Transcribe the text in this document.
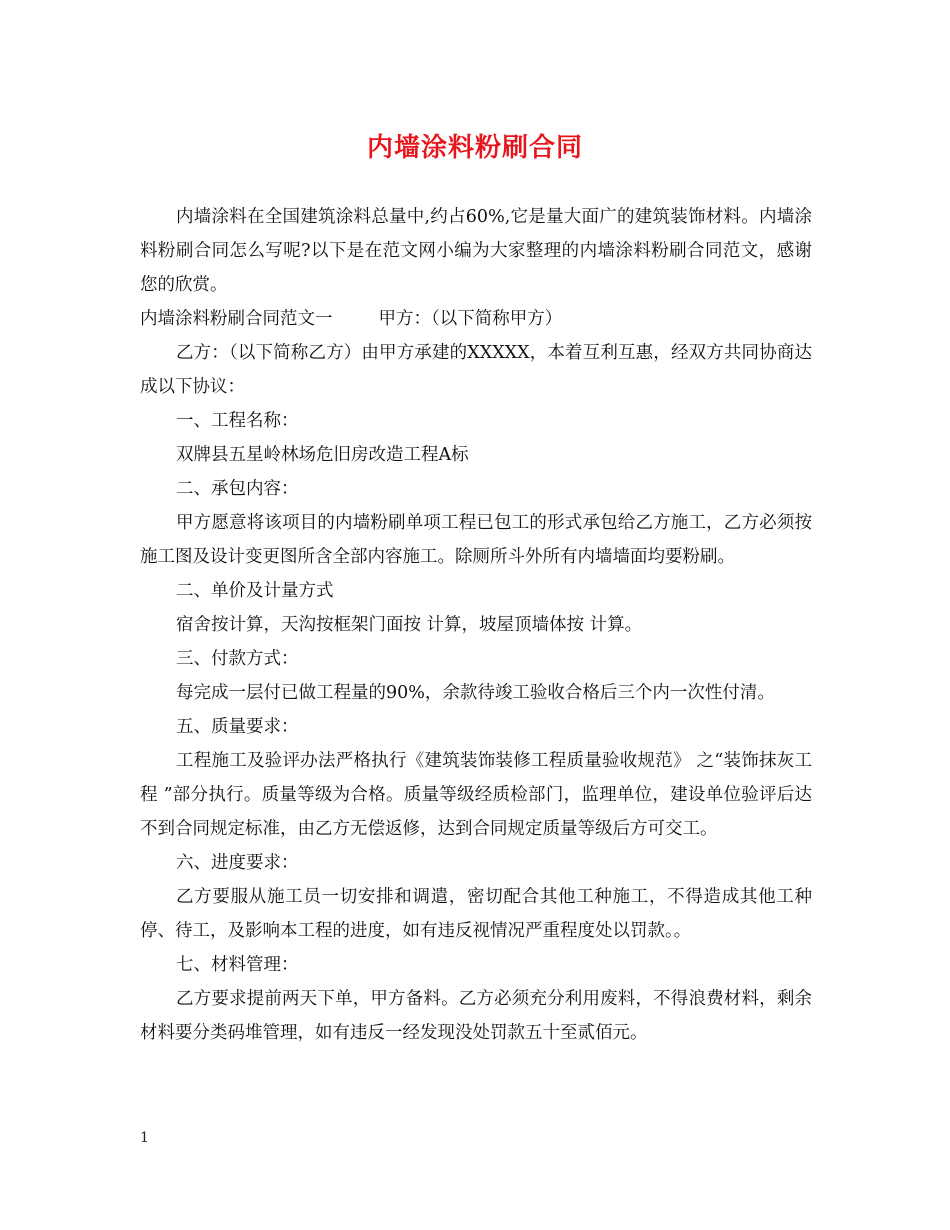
内墙涂料粉刷合同

内墙涂料在全国建筑涂料总量中,约占60%,它是量大面广的建筑装饰材料。内墙涂料粉刷合同怎么写呢?以下是在范文网小编为大家整理的内墙涂料粉刷合同范文，感谢您的欣赏。

内墙涂料粉刷合同范文一	甲方：（以下简称甲方）

乙方：（以下简称乙方）由甲方承建的XXXXX，本着互利互惠，经双方共同协商达成以下协议：

一、工程名称：

双牌县五星岭林场危旧房改造工程A标

二、承包内容：

甲方愿意将该项目的内墙粉刷单项工程已包工的形式承包给乙方施工，乙方必须按施工图及设计变更图所含全部内容施工。除厕所斗外所有内墙墙面均要粉刷。

二、单价及计量方式

宿舍按计算，天沟按框架门面按 计算，坡屋顶墙体按 计算。

三、付款方式：

每完成一层付已做工程量的90%，余款待竣工验收合格后三个内一次性付清。

五、质量要求：

工程施工及验评办法严格执行《建筑装饰装修工程质量验收规范》 之“装饰抹灰工程 ”部分执行。质量等级为合格。质量等级经质检部门，监理单位，建设单位验评后达不到合同规定标准，由乙方无偿返修，达到合同规定质量等级后方可交工。

六、进度要求：

乙方要服从施工员一切安排和调遣，密切配合其他工种施工，不得造成其他工种停、待工，及影响本工程的进度，如有违反视情况严重程度处以罚款。。

七、材料管理：

乙方要求提前两天下单，甲方备料。乙方必须充分利用废料，不得浪费材料，剩余材料要分类码堆管理，如有违反一经发现没处罚款五十至贰佰元。

1
